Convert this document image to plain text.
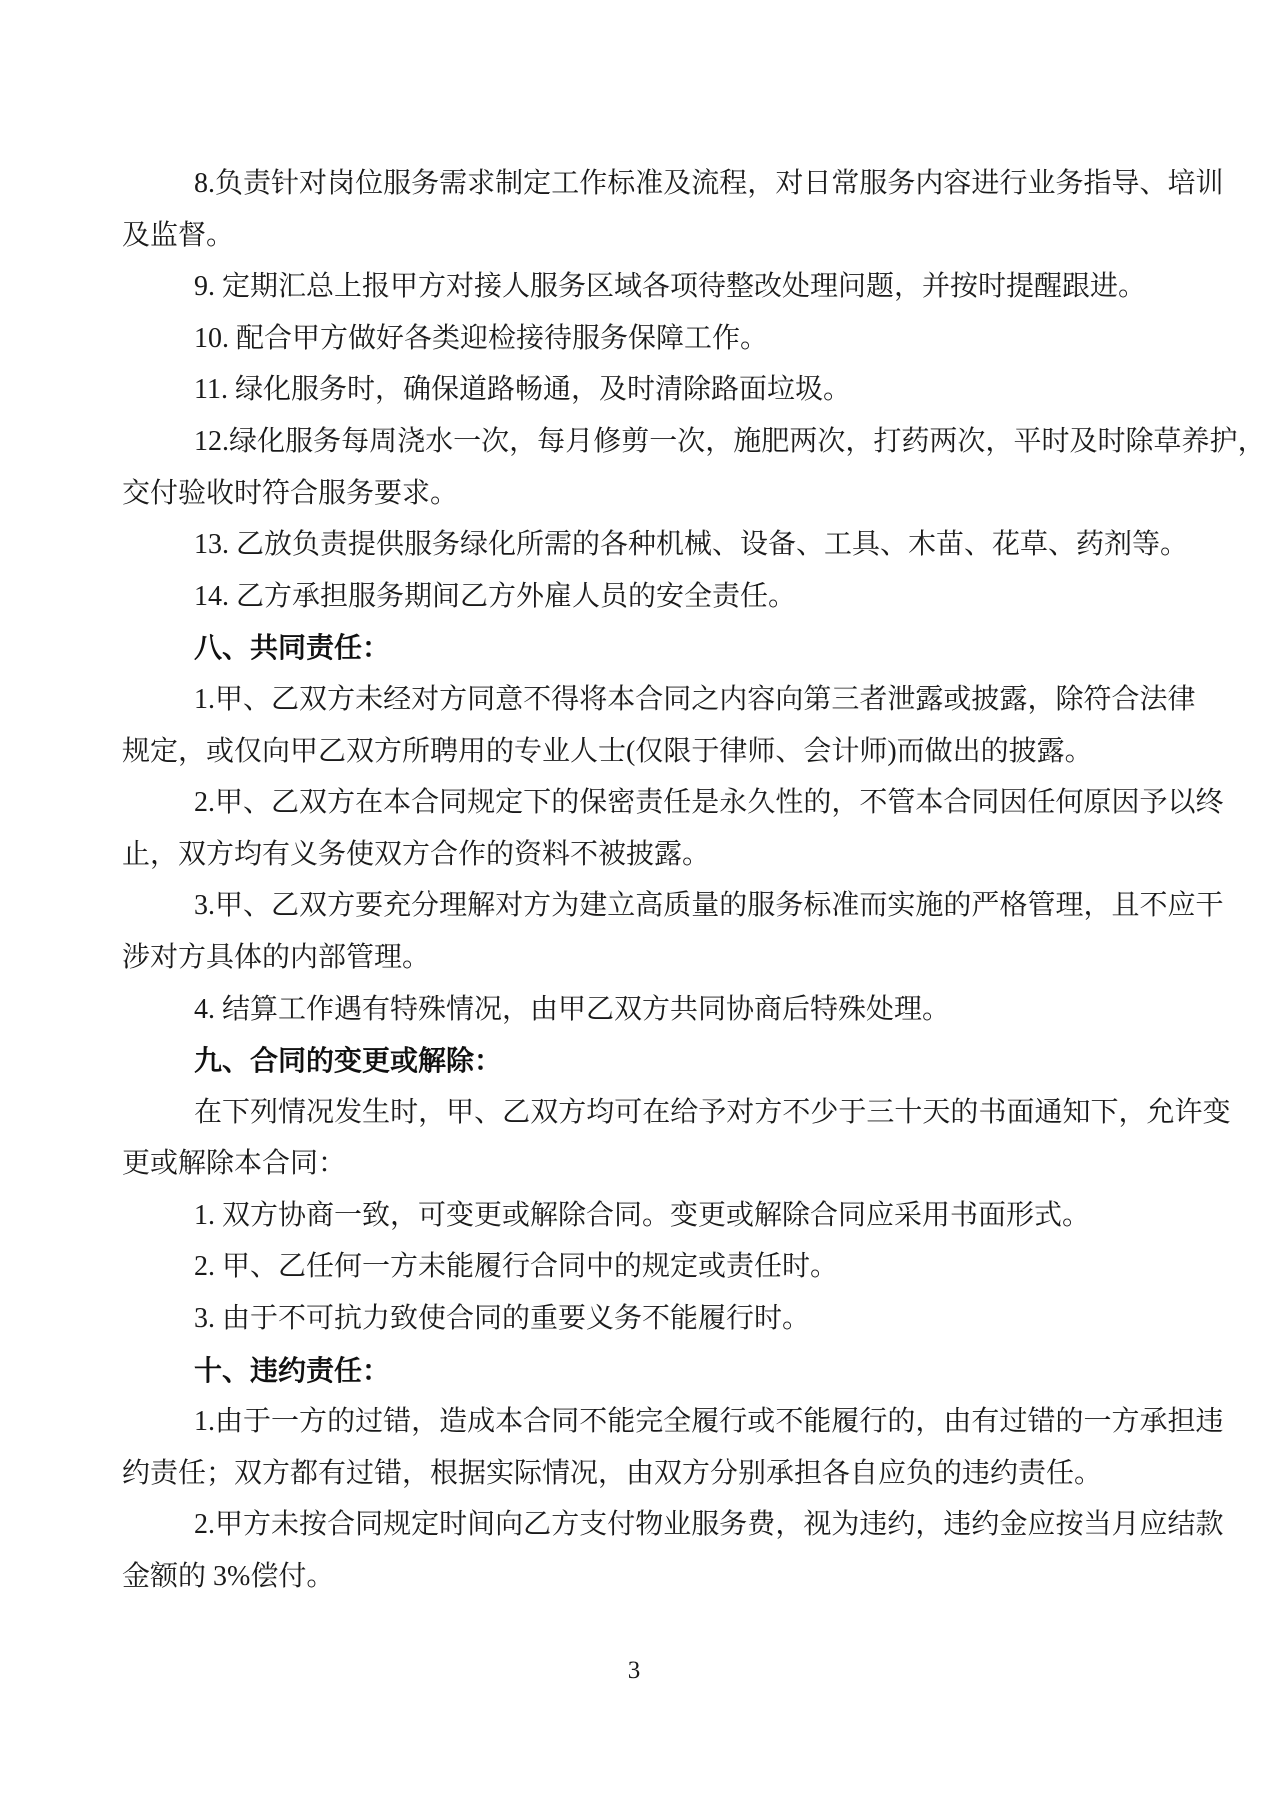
8. 负 责 针 对 岗 位 服 务 需 求 制 定 工 作 标 准 及 流 程 ， 对 日 常 服 务 内 容 进 行 业 务 指 导 、 培 训
及监督。
9. 定期汇总上报甲方对接人服务区域各项待整改处理问题，并按时提醒跟进。
10. 配合甲方做好各类迎检接待服务保障工作。
11. 绿化服务时，确保道路畅通，及时清除路面垃圾。
12. 绿 化 服 务 每 周 浇 水 一 次 ， 每 月 修 剪 一 次 ， 施 肥 两 次 ， 打 药 两 次 ， 平 时 及 时 除 草 养 护 ，
交付验收时符合服务要求。
13. 乙放负责提供服务绿化所需的各种机械、设备、工具、木苗、花草、药剂等。
14. 乙方承担服务期间乙方外雇人员的安全责任。
八、共同责任：
1. 甲 、 乙 双 方 未 经 对 方 同 意 不 得 将 本 合 同 之 内 容 向 第 三 者 泄 露 或 披 露 ， 除 符 合 法 律
规定，或仅向甲乙双方所聘用的专业人士(仅限于律师、会计师)而做出的披露。
2. 甲 、 乙 双 方 在 本 合 同 规 定 下 的 保 密 责 任 是 永 久 性 的 ， 不 管 本 合 同 因 任 何 原 因 予 以 终
止，双方均有义务使双方合作的资料不被披露。
3. 甲 、 乙 双 方 要 充 分 理 解 对 方 为 建 立 高 质 量 的 服 务 标 准 而 实 施 的 严 格 管 理 ， 且 不 应 干
涉对方具体的内部管理。
4. 结算工作遇有特殊情况，由甲乙双方共同协商后特殊处理。
九、合同的变更或解除：
在 下 列 情 况 发 生 时 ， 甲 、 乙 双 方 均 可 在 给 予 对 方 不 少 于 三 十 天 的 书 面 通 知 下 ， 允 许 变
更或解除本合同：
1. 双方协商一致，可变更或解除合同。变更或解除合同应采用书面形式。
2. 甲、乙任何一方未能履行合同中的规定或责任时。
3. 由于不可抗力致使合同的重要义务不能履行时。
十、违约责任：
1. 由 于 一 方 的 过 错 ， 造 成 本 合 同 不 能 完 全 履 行 或 不 能 履 行 的 ， 由 有 过 错 的 一 方 承 担 违
约责任；双方都有过错，根据实际情况，由双方分别承担各自应负的违约责任。
2. 甲 方 未 按 合 同 规 定 时 间 向 乙 方 支 付 物 业 服 务 费 ， 视 为 违 约 ， 违 约 金 应 按 当 月 应 结 款
金额的 3%偿付。
3
